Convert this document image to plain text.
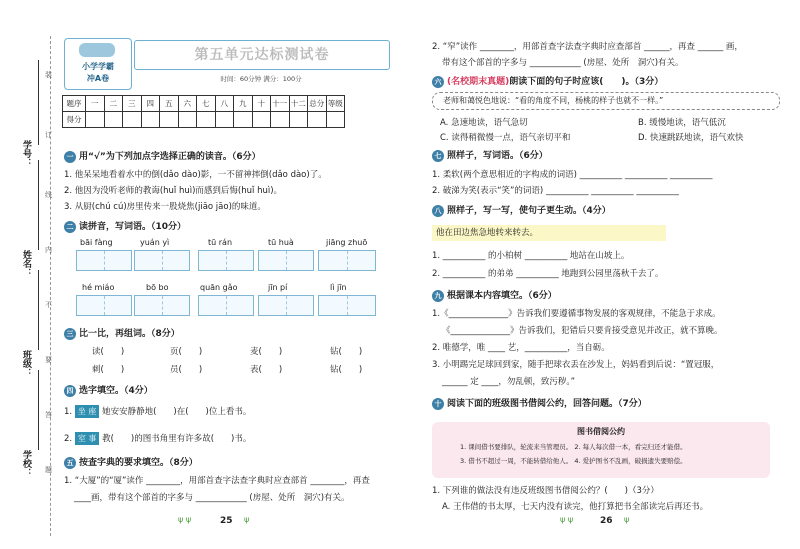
学号：
姓名：
班级：
学校：
装
订
线
内
不
要
答
题
小学学霸
冲A卷
第五单元达标测试卷
时间：60分钟 满分：100分
题序	一	二	三	四	五	六	七	八	九	十	十一	十二	总分	等级
得分														
一 用“√”为下列加点字选择正确的读音。（6分）
1. 他呆呆地看着水中的倒(dǎo dào)影，一不留神摔倒(dǎo dào)了。
2. 他因为没听老师的教诲(huǐ huì)而感到后悔(huǐ huì)。
3. 从厨(chú cú)房里传来一股烧焦(jiāo jāo)的味道。
二 读拼音，写词语。（10分）
bāi fàng	yuán yì	tū rán	tū huà	jiāng zhuō
hé miáo	bō bo	quān gǎo	jīn pí	lì jīn
三 比一比，再组词。（8分）
读(　　)	页(　　)	麦(　　)	钻(　　)
刺(　　)	员(　　)	表(　　)	钻(　　)
四 选字填空。（4分）
1. 坐 座 她安安静静地(　　)在(　　)位上看书。
2. 室 事 教(　　)的图书角里有许多故(　　)书。
五 按查字典的要求填空。（8分）
1. “大厦”的“厦”读作 ________，用部首查字法查字典时应查部首 ________，再查
____画，带有这个部首的字多与 ____________ (房屋、处所　洞穴)有关。
ψ ψ	25 ψ
2. “窄”读作 ________，用部首查字法查字典时应查部首 ______，再查 ______ 画，
带有这个部首的字多与 ____________ (房屋、处所　洞穴)有关。
六 (名校期末真题)朗读下面的句子时应该(　　)。（3分）
老师和蔼悦色地说：“看的角度不同，杨桃的样子也就不一样。”
A. 急速地读，语气急切	B. 缓慢地读，语气低沉
C. 读得稍微慢一点，语气亲切平和	D. 快速跳跃地读，语气欢快
七 照样子，写词语。（6分）
1. 柔软(两个意思相近的字构成的词语) __________ __________ __________
2. 破涕为笑(表示“笑”的词语) __________ __________ __________
八 照样子，写一写，使句子更生动。（4分）
他在田边焦急地转来转去。
1. __________ 的小柏树 __________ 地站在山坡上。
2. __________ 的弟弟 __________ 地跑到公园里荡秋千去了。
九 根据课本内容填空。（6分）
1.《______________》告诉我们要遵循事物发展的客观规律，不能急于求成。
《______________》告诉我们，犯错后只要肯接受意见并改正，就不算晚。
2. 唯德学，唯 ____ 艺，__________，当自砺。
3. 小明踢完足球回到家，随手把球衣丢在沙发上，妈妈看到后说：“置冠服，
______ 定 ____，勿乱顿，致污秽。”
十 阅读下面的班级图书借阅公约，回答问题。（7分）
图书借阅公约
1. 课间借书要排队，轮流来当管理员。 2. 每人每次借一本，看完归还才能借。
3. 借书不超过一周，不能转借给他人。 4. 爱护图书不乱画，破损遗失要赔偿。
1. 下列谁的做法没有违反班级图书借阅公约？(　　)（3分）
A. 王伟借的书太厚，七天内没有读完，他打算把书全部读完后再还书。
ψ ψ	26 ψ
